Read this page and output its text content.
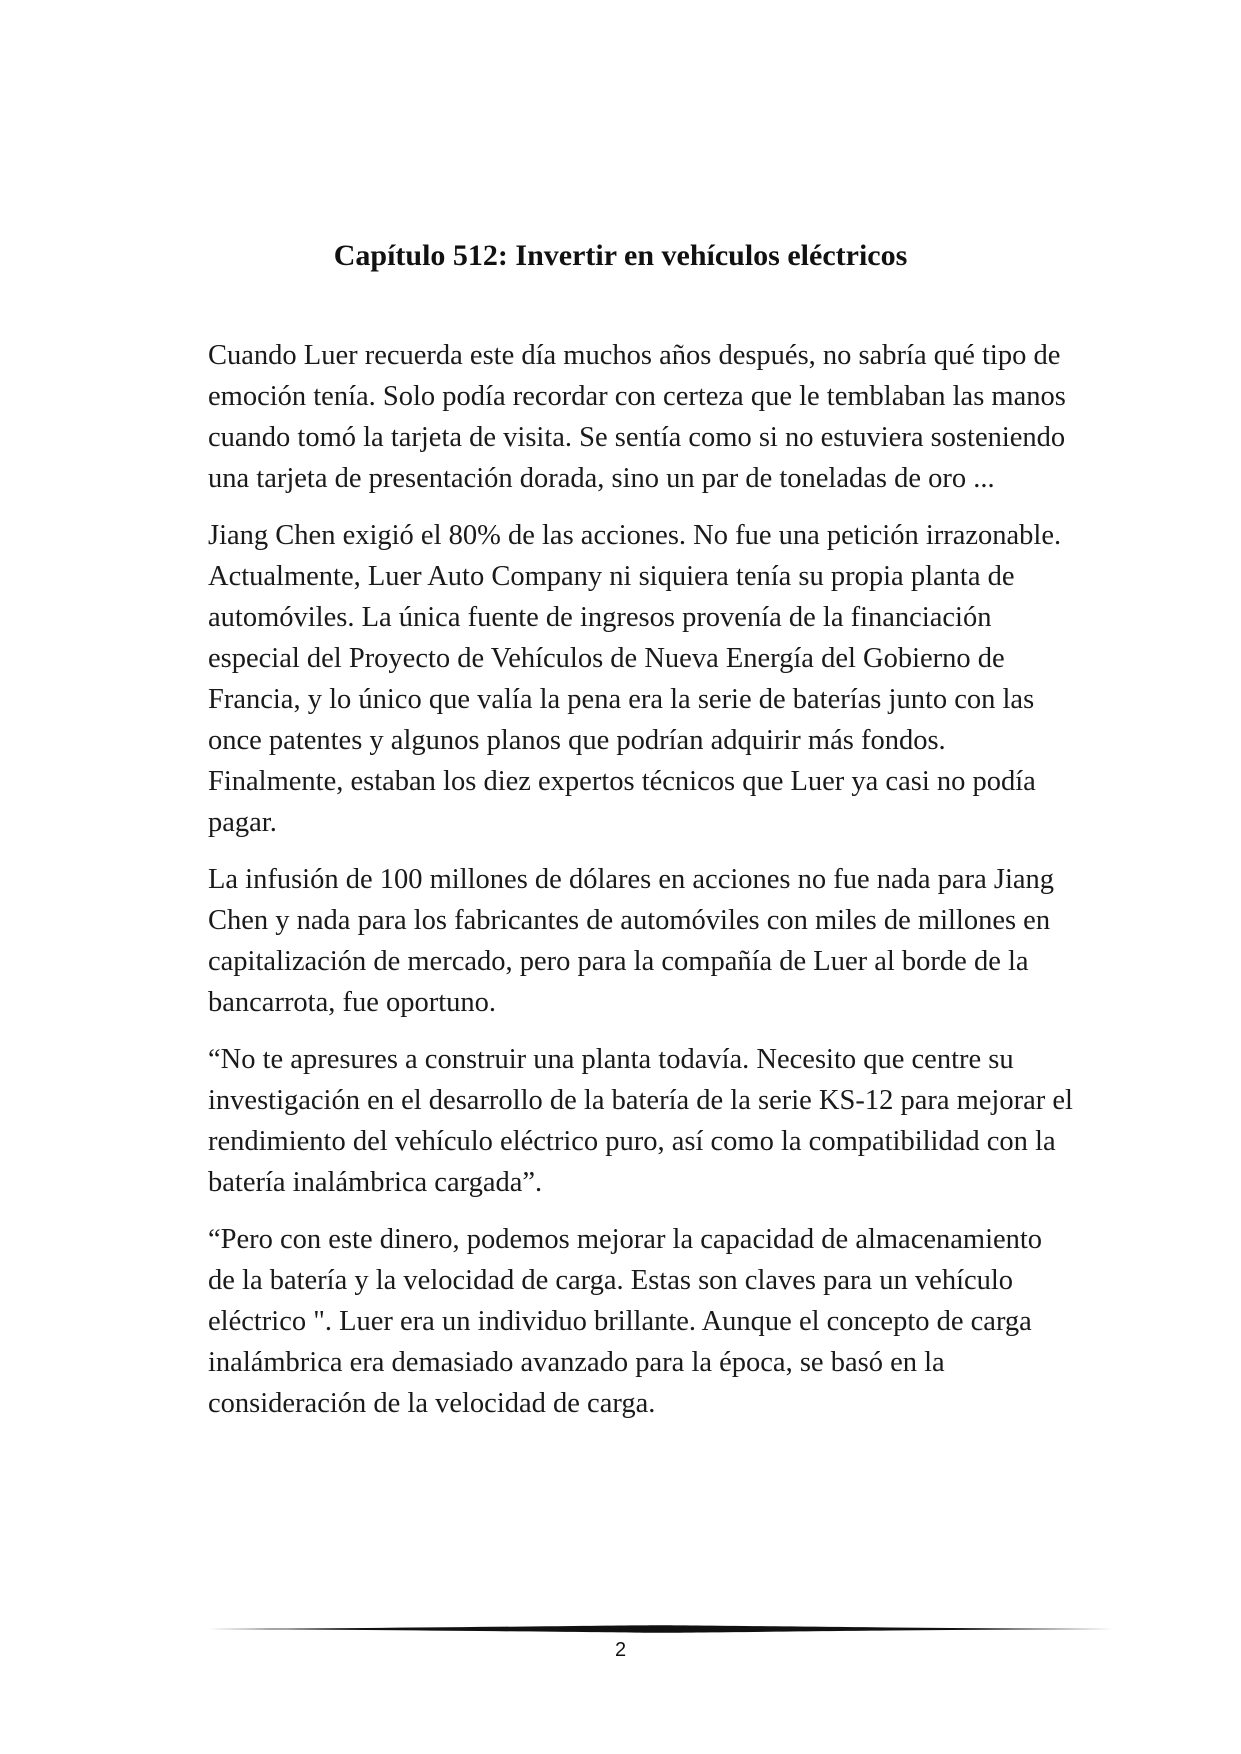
Capítulo 512: Invertir en vehículos eléctricos

Cuando Luer recuerda este día muchos años después, no sabría qué tipo de emoción tenía. Solo podía recordar con certeza que le temblaban las manos cuando tomó la tarjeta de visita. Se sentía como si no estuviera sosteniendo una tarjeta de presentación dorada, sino un par de toneladas de oro ...

Jiang Chen exigió el 80% de las acciones. No fue una petición irrazonable. Actualmente, Luer Auto Company ni siquiera tenía su propia planta de automóviles. La única fuente de ingresos provenía de la financiación especial del Proyecto de Vehículos de Nueva Energía del Gobierno de Francia, y lo único que valía la pena era la serie de baterías junto con las once patentes y algunos planos que podrían adquirir más fondos. Finalmente, estaban los diez expertos técnicos que Luer ya casi no podía pagar.

La infusión de 100 millones de dólares en acciones no fue nada para Jiang Chen y nada para los fabricantes de automóviles con miles de millones en capitalización de mercado, pero para la compañía de Luer al borde de la bancarrota, fue oportuno.

“No te apresures a construir una planta todavía. Necesito que centre su investigación en el desarrollo de la batería de la serie KS-12 para mejorar el rendimiento del vehículo eléctrico puro, así como la compatibilidad con la batería inalámbrica cargada”.

“Pero con este dinero, podemos mejorar la capacidad de almacenamiento de la batería y la velocidad de carga. Estas son claves para un vehículo eléctrico ". Luer era un individuo brillante. Aunque el concepto de carga inalámbrica era demasiado avanzado para la época, se basó en la consideración de la velocidad de carga.

2
